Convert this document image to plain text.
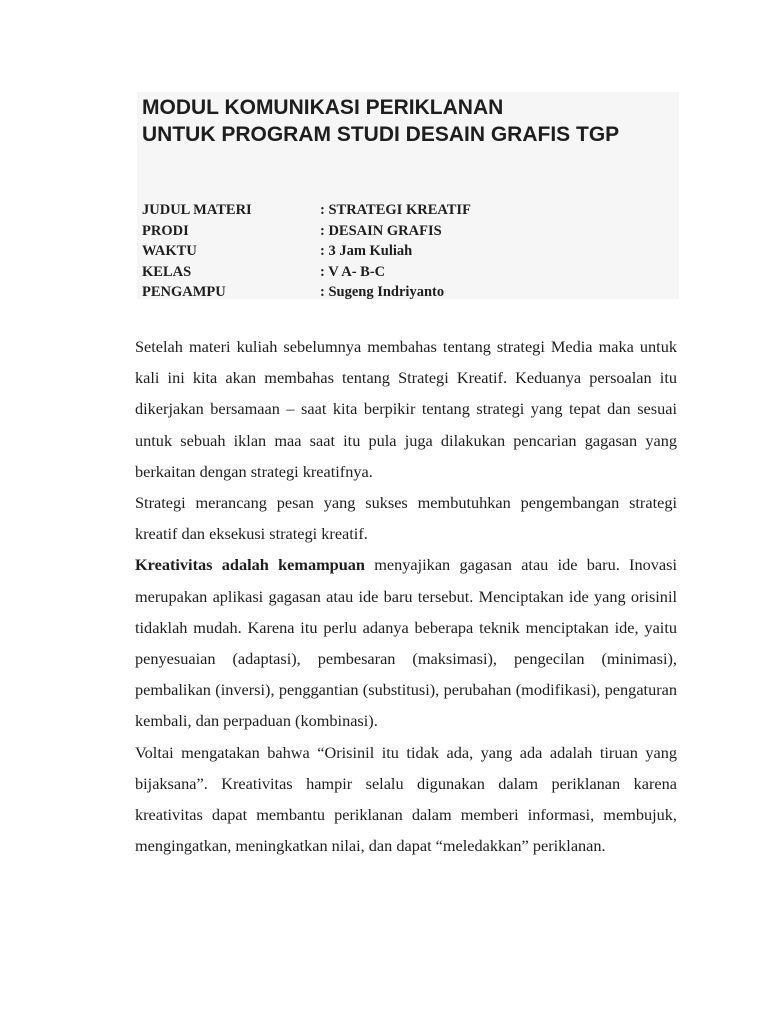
MODUL KOMUNIKASI PERIKLANAN
UNTUK PROGRAM STUDI DESAIN GRAFIS TGP
JUDUL MATERI	: STRATEGI KREATIF
PRODI	: DESAIN GRAFIS
WAKTU	: 3 Jam Kuliah
KELAS	: V A- B-C
PENGAMPU	: Sugeng Indriyanto

Setelah materi kuliah sebelumnya membahas tentang strategi Media maka untuk kali ini kita akan membahas tentang Strategi Kreatif. Keduanya persoalan itu dikerjakan bersamaan – saat kita berpikir tentang strategi yang tepat dan sesuai untuk sebuah iklan maa saat itu pula juga dilakukan pencarian gagasan yang berkaitan dengan strategi kreatifnya.

Strategi merancang pesan yang sukses membutuhkan pengembangan strategi kreatif dan eksekusi strategi kreatif.

Kreativitas adalah kemampuan menyajikan gagasan atau ide baru. Inovasi merupakan aplikasi gagasan atau ide baru tersebut. Menciptakan ide yang orisinil tidaklah mudah. Karena itu perlu adanya beberapa teknik menciptakan ide, yaitu penyesuaian (adaptasi), pembesaran (maksimasi), pengecilan (minimasi), pembalikan (inversi), penggantian (substitusi), perubahan (modifikasi), pengaturan kembali, dan perpaduan (kombinasi).

Voltai mengatakan bahwa “Orisinil itu tidak ada, yang ada adalah tiruan yang bijaksana”. Kreativitas hampir selalu digunakan dalam periklanan karena kreativitas dapat membantu periklanan dalam memberi informasi, membujuk, mengingatkan, meningkatkan nilai, dan dapat “meledakkan” periklanan.
